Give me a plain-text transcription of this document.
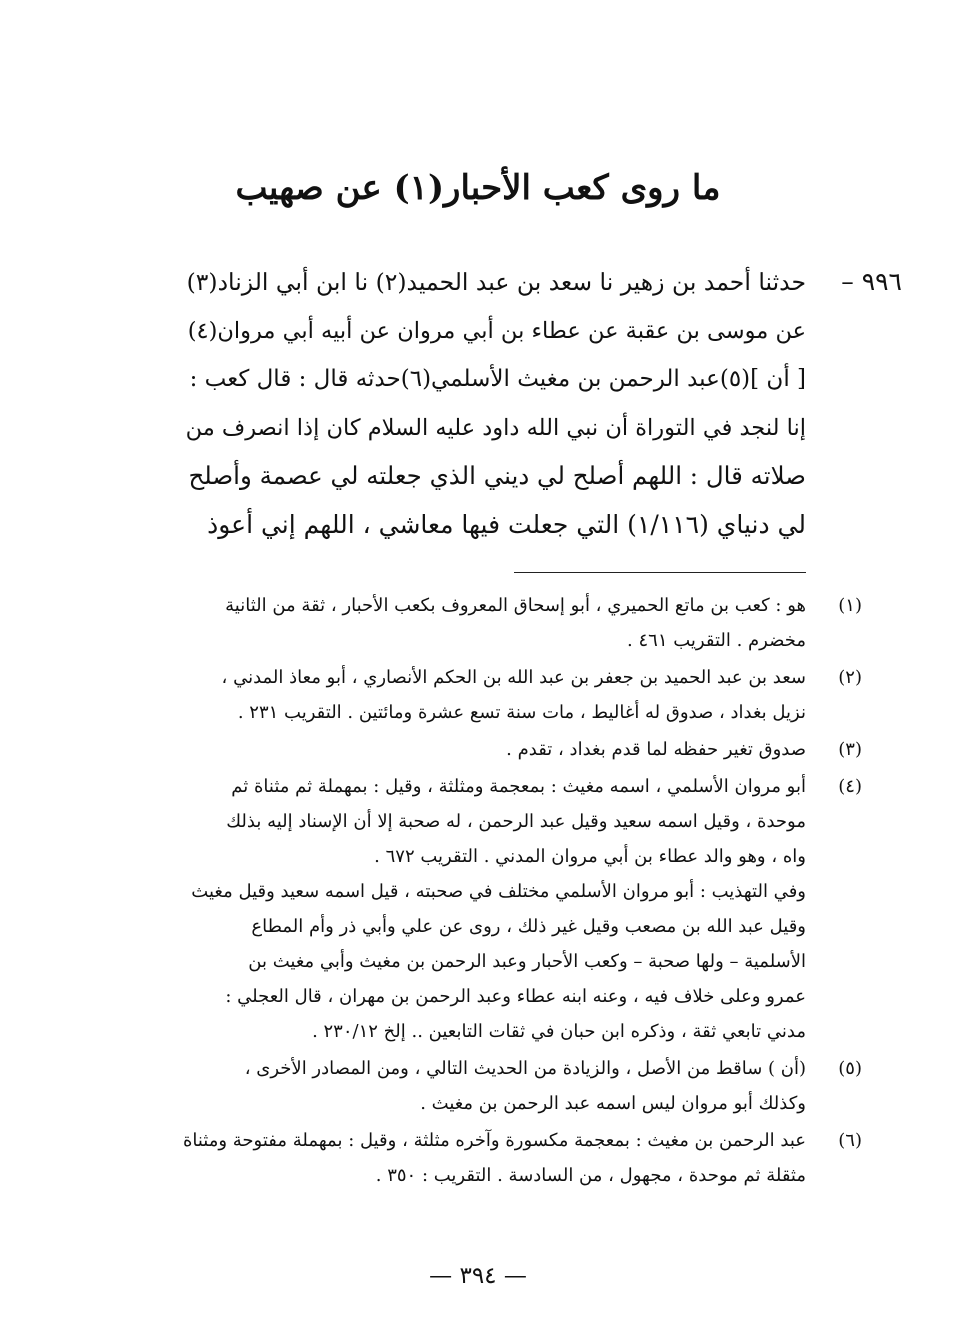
ما روى كعب الأحبار(١) عن صهيب
٩٩٦ –
حدثنا أحمد بن زهير نا سعد بن عبد الحميد(٢) نا ابن أبي الزناد(٣)
عن موسى بن عقبة عن عطاء بن أبي مروان عن أبيه أبي مروان(٤)
[ أن ](٥)عبد الرحمن بن مغيث الأسلمي(٦)حدثه قال : قال كعب :
إنا لنجد في التوراة أن نبي الله داود عليه السلام كان إذا انصرف من
صلاته قال : اللهم أصلح لي ديني الذي جعلته لي عصمة وأصلح
لي دنياي (١/١١٦) التي جعلت فيها معاشي ، اللهم إني أعوذ
(١)
هو : كعب بن ماتع الحميري ، أبو إسحاق المعروف بكعب الأحبار ، ثقة من الثانية
مخضرم . التقريب ٤٦١ .
(٢)
سعد بن عبد الحميد بن جعفر بن عبد الله بن الحكم الأنصاري ، أبو معاذ المدني ،
نزيل بغداد ، صدوق له أغاليط ، مات سنة تسع عشرة ومائتين . التقريب ٢٣١ .
(٣)
صدوق تغير حفظه لما قدم بغداد ، تقدم .
(٤)
أبو مروان الأسلمي ، اسمه مغيث : بمعجمة ومثلثة ، وقيل : بمهملة ثم مثناة ثم
موحدة ، وقيل اسمه سعيد وقيل عبد الرحمن ، له صحبة إلا أن الإسناد إليه بذلك
واه ، وهو والد عطاء بن أبي مروان المدني . التقريب ٦٧٢ .
وفي التهذيب : أبو مروان الأسلمي مختلف في صحبته ، قيل اسمه سعيد وقيل مغيث
وقيل عبد الله بن مصعب وقيل غير ذلك ، روى عن علي وأبي ذر وأم المطاع
الأسلمية – ولها صحبة – وكعب الأحبار وعبد الرحمن بن مغيث وأبي مغيث بن
عمرو وعلى خلاف فيه ، وعنه ابنه عطاء وعبد الرحمن بن مهران ، قال العجلي :
مدني تابعي ثقة ، وذكره ابن حبان في ثقات التابعين .. إلخ ٢٣٠/١٢ .
(٥)
(أن ) ساقط من الأصل ، والزيادة من الحديث التالي ، ومن المصادر الأخرى ،
وكذلك أبو مروان ليس اسمه عبد الرحمن بن مغيث .
(٦)
عبد الرحمن بن مغيث : بمعجمة مكسورة وآخره مثلثة ، وقيل : بمهملة مفتوحة ومثناة
مثقلة ثم موحدة ، مجهول ، من السادسة . التقريب : ٣٥٠ .
— ٣٩٤ —
